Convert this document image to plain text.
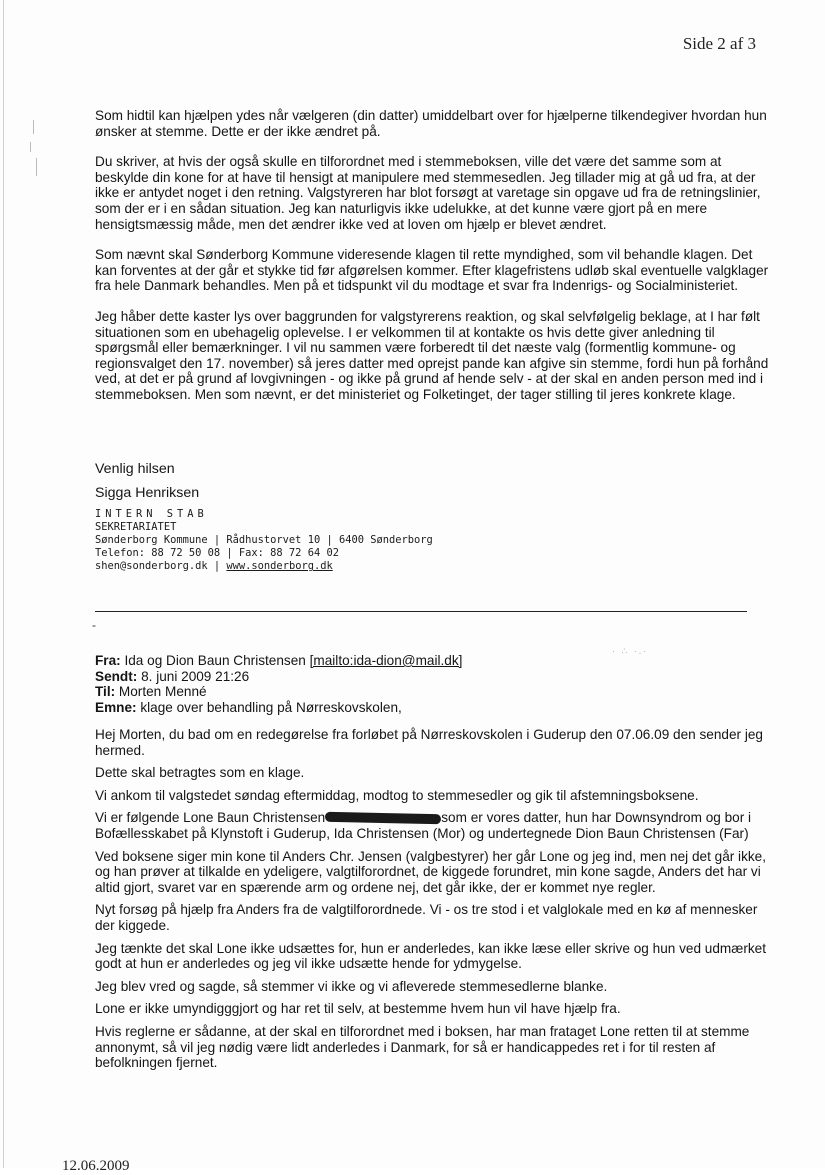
Side 2 af 3

Som hidtil kan hjælpen ydes når vælgeren (din datter) umiddelbart over for hjælperne tilkendegiver hvordan hun ønsker at stemme. Dette er der ikke ændret på.

Du skriver, at hvis der også skulle en tilforordnet med i stemmeboksen, ville det være det samme som at beskylde din kone for at have til hensigt at manipulere med stemmesedlen. Jeg tillader mig at gå ud fra, at der ikke er antydet noget i den retning. Valgstyreren har blot forsøgt at varetage sin opgave ud fra de retningslinier, som der er i en sådan situation. Jeg kan naturligvis ikke udelukke, at det kunne være gjort på en mere hensigtsmæssig måde, men det ændrer ikke ved at loven om hjælp er blevet ændret.

Som nævnt skal Sønderborg Kommune videresende klagen til rette myndighed, som vil behandle klagen. Det kan forventes at der går et stykke tid før afgørelsen kommer. Efter klagefristens udløb skal eventuelle valgklager fra hele Danmark behandles. Men på et tidspunkt vil du modtage et svar fra Indenrigs- og Socialministeriet.

Jeg håber dette kaster lys over baggrunden for valgstyrerens reaktion, og skal selvfølgelig beklage, at I har følt situationen som en ubehagelig oplevelse. I er velkommen til at kontakte os hvis dette giver anledning til spørgsmål eller bemærkninger. I vil nu sammen være forberedt til det næste valg (formentlig kommune- og regionsvalget den 17. november) så jeres datter med oprejst pande kan afgive sin stemme, fordi hun på forhånd ved, at det er på grund af lovgivningen - og ikke på grund af hende selv - at der skal en anden person med ind i stemmeboksen. Men som nævnt, er det ministeriet og Folketinget, der tager stilling til jeres konkrete klage.

Venlig hilsen
Sigga Henriksen
INTERN STAB
SEKRETARIATET
Sønderborg Kommune | Rådhustorvet 10 | 6400 Sønderborg
Telefon: 88 72 50 08 | Fax: 88 72 64 02
shen@sonderborg.dk | www.sonderborg.dk
-
· ∴ ·.·
Fra: Ida og Dion Baun Christensen [mailto:ida-dion@mail.dk]
Sendt: 8. juni 2009 21:26
Til: Morten Menné
Emne: klage over behandling på Nørreskovskolen,

Hej Morten, du bad om en redegørelse fra forløbet på Nørreskovskolen i Guderup den 07.06.09 den sender jeg hermed.

Dette skal betragtes som en klage.

Vi ankom til valgstedet søndag eftermiddag, modtog to stemmesedler og gik til afstemningsboksene.

Vi er følgende Lone Baun Christensen	som er vores datter, hun har Downsyndrom og bor i Bofællesskabet på Klynstoft i Guderup, Ida Christensen (Mor) og undertegnede Dion Baun Christensen (Far)

Ved boksene siger min kone til Anders Chr. Jensen (valgbestyrer) her går Lone og jeg ind, men nej det går ikke, og han prøver at tilkalde en ydeligere, valgtilforordnet, de kiggede forundret, min kone sagde, Anders det har vi altid gjort, svaret var en spærende arm og ordene nej, det går ikke, der er kommet nye regler.

Nyt forsøg på hjælp fra Anders fra de valgtilforordnede. Vi - os tre stod i et valglokale med en kø af mennesker der kiggede.

Jeg tænkte det skal Lone ikke udsættes for, hun er anderledes, kan ikke læse eller skrive og hun ved udmærket godt at hun er anderledes og jeg vil ikke udsætte hende for ydmygelse.

Jeg blev vred og sagde, så stemmer vi ikke og vi afleverede stemmesedlerne blanke.

Lone er ikke umyndigggjort og har ret til selv, at bestemme hvem hun vil have hjælp fra.

Hvis reglerne er sådanne, at der skal en tilforordnet med i boksen, har man frataget Lone retten til at stemme annonymt, så vil jeg nødig være lidt anderledes i Danmark, for så er handicappedes ret i for til resten af befolkningen fjernet.

12.06.2009
